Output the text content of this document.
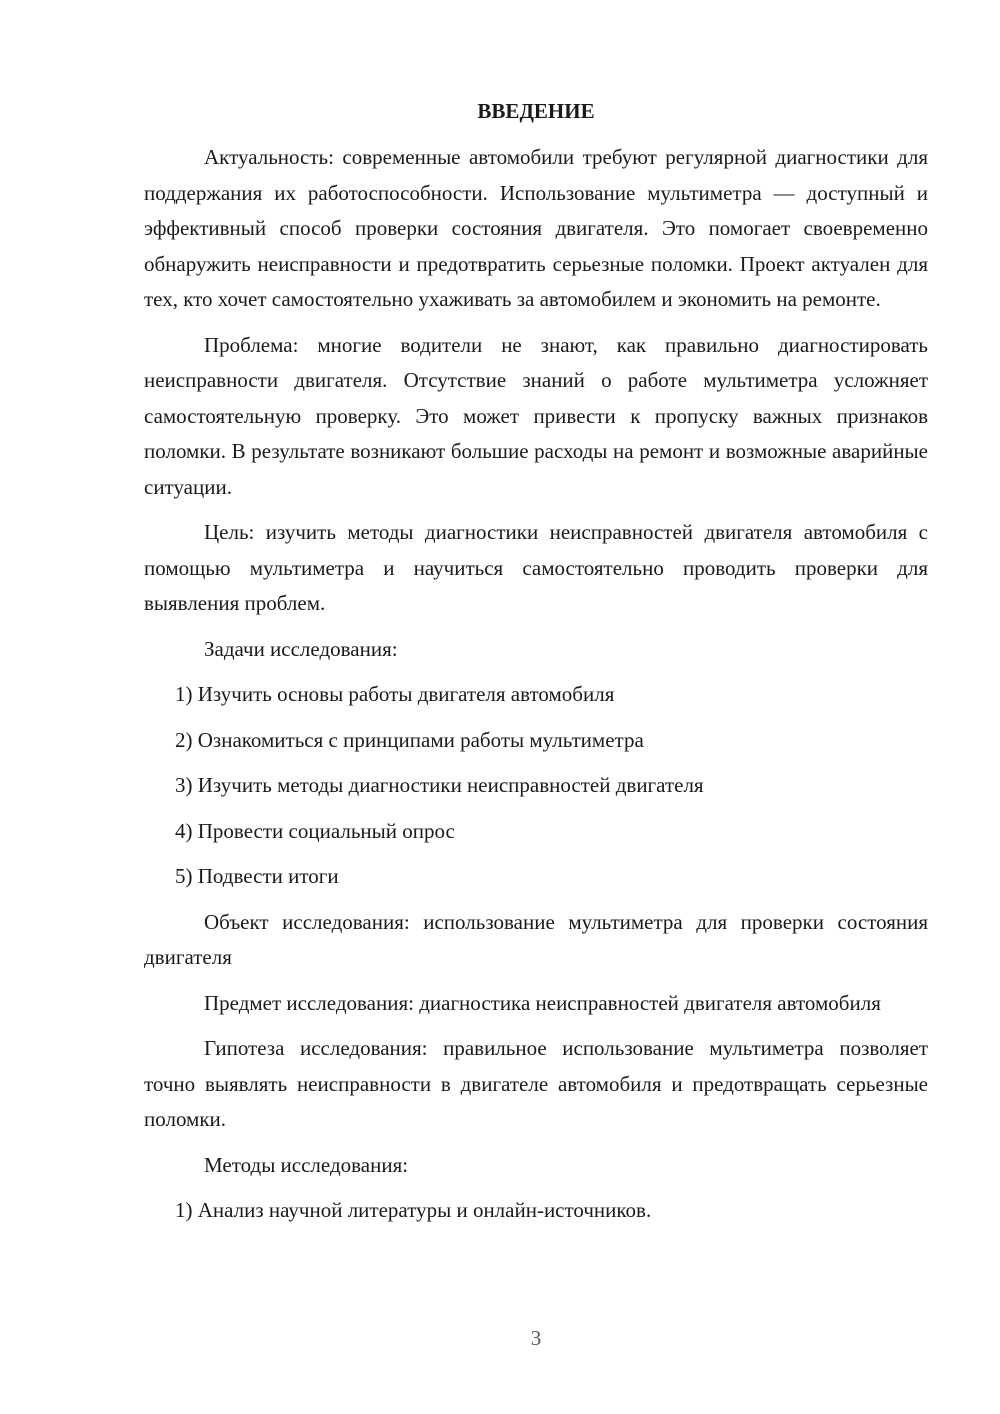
ВВЕДЕНИЕ

Актуальность: современные автомобили требуют регулярной диагностики для поддержания их работоспособности. Использование мультиметра — доступный и эффективный способ проверки состояния двигателя. Это помогает своевременно обнаружить неисправности и предотвратить серьезные поломки. Проект актуален для тех, кто хочет самостоятельно ухаживать за автомобилем и экономить на ремонте.

Проблема: многие водители не знают, как правильно диагностировать неисправности двигателя. Отсутствие знаний о работе мультиметра усложняет самостоятельную проверку. Это может привести к пропуску важных признаков поломки. В результате возникают большие расходы на ремонт и возможные аварийные ситуации.

Цель: изучить методы диагностики неисправностей двигателя автомобиля с помощью мультиметра и научиться самостоятельно проводить проверки для выявления проблем.

Задачи исследования:

1) Изучить основы работы двигателя автомобиля
2) Ознакомиться с принципами работы мультиметра
3) Изучить методы диагностики неисправностей двигателя
4) Провести социальный опрос
5) Подвести итоги

Объект исследования: использование мультиметра для проверки состояния двигателя

Предмет исследования: диагностика неисправностей двигателя автомобиля

Гипотеза исследования: правильное использование мультиметра позволяет точно выявлять неисправности в двигателе автомобиля и предотвращать серьезные поломки.

Методы исследования:

1) Анализ научной литературы и онлайн-источников.
3
